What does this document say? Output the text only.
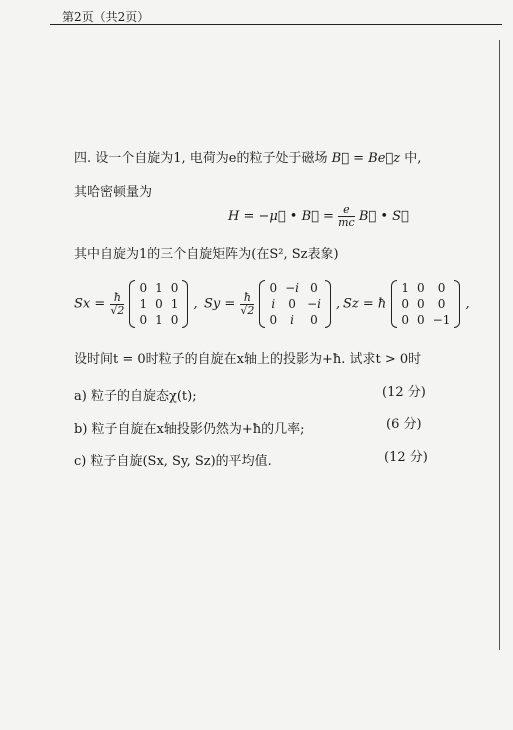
第2页（共2页）
四. 设一个自旋为1, 电荷为e的粒子处于磁场 B⃗ = Be⃗z 中,
其哈密顿量为
H = −μ⃗ • B⃗ = $\frac{e}{mc}$ B⃗ • S⃗
其中自旋为1的三个自旋矩阵为(在S², Sz表象)
$Sx = \frac{ħ}{√2}$

0	1	0
1	0	1
0	1	0
, $Sy = \frac{ħ}{√2}$

0	−i	0
i	0	−i
0	i	0
, Sz = ħ
1	0	0
0	0	0
0	0	−1
,
设时间t = 0时粒子的自旋在x轴上的投影为+ħ. 试求t > 0时
a) 粒子的自旋态χ(t);	(12 分)
b) 粒子自旋在x轴投影仍然为+ħ的几率;	(6 分)
c) 粒子自旋(Sx, Sy, Sz)的平均值.	(12 分)
